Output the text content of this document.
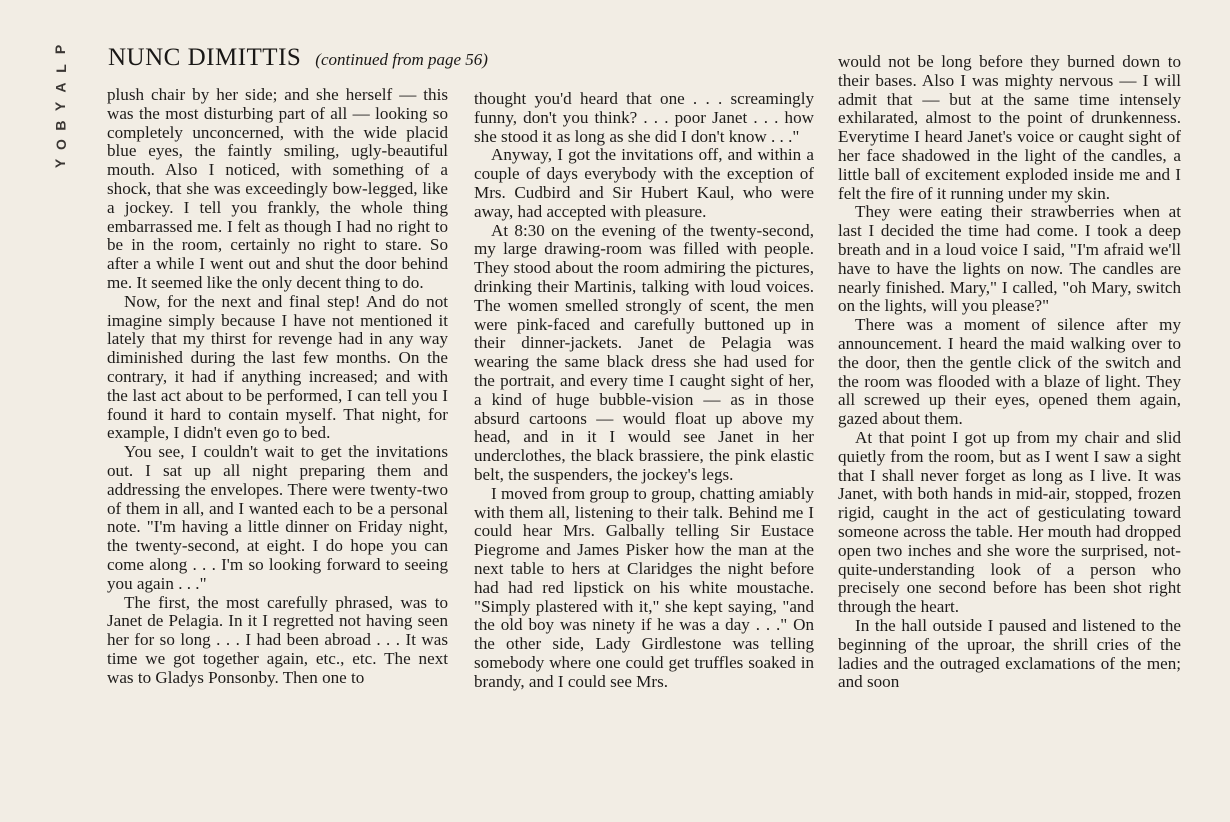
P
L
A
Y
B
O
Y
NUNC DIMITTIS (continued from page 56)

plush chair by her side; and she herself — this was the most disturbing part of all — looking so completely unconcerned, with the wide placid blue eyes, the faintly smiling, ugly-beautiful mouth. Also I noticed, with something of a shock, that she was exceedingly bow-legged, like a jockey. I tell you frankly, the whole thing embarrassed me. I felt as though I had no right to be in the room, certainly no right to stare. So after a while I went out and shut the door behind me. It seemed like the only decent thing to do.

Now, for the next and final step! And do not imagine simply because I have not mentioned it lately that my thirst for revenge had in any way diminished during the last few months. On the contrary, it had if anything increased; and with the last act about to be performed, I can tell you I found it hard to contain myself. That night, for example, I didn't even go to bed.

You see, I couldn't wait to get the invitations out. I sat up all night preparing them and addressing the envelopes. There were twenty-two of them in all, and I wanted each to be a personal note. "I'm having a little dinner on Friday night, the twenty-second, at eight. I do hope you can come along . . . I'm so looking forward to seeing you again . . ."

The first, the most carefully phrased, was to Janet de Pelagia. In it I regretted not having seen her for so long . . . I had been abroad . . . It was time we got together again, etc., etc. The next was to Gladys Ponsonby. Then one to

thought you'd heard that one . . . screamingly funny, don't you think? . . . poor Janet . . . how she stood it as long as she did I don't know . . ."

Anyway, I got the invitations off, and within a couple of days everybody with the exception of Mrs. Cudbird and Sir Hubert Kaul, who were away, had accepted with pleasure.

At 8:30 on the evening of the twenty-second, my large drawing-room was filled with people. They stood about the room admiring the pictures, drinking their Martinis, talking with loud voices. The women smelled strongly of scent, the men were pink-faced and carefully buttoned up in their dinner-jackets. Janet de Pelagia was wearing the same black dress she had used for the portrait, and every time I caught sight of her, a kind of huge bubble-vision — as in those absurd cartoons — would float up above my head, and in it I would see Janet in her underclothes, the black brassiere, the pink elastic belt, the suspenders, the jockey's legs.

I moved from group to group, chatting amiably with them all, listening to their talk. Behind me I could hear Mrs. Galbally telling Sir Eustace Piegrome and James Pisker how the man at the next table to hers at Claridges the night before had had red lipstick on his white moustache. "Simply plastered with it," she kept saying, "and the old boy was ninety if he was a day . . ." On the other side, Lady Girdlestone was telling somebody where one could get truffles soaked in brandy, and I could see Mrs.

would not be long before they burned down to their bases. Also I was mighty nervous — I will admit that — but at the same time intensely exhilarated, almost to the point of drunkenness. Everytime I heard Janet's voice or caught sight of her face shadowed in the light of the candles, a little ball of excitement exploded inside me and I felt the fire of it running under my skin.

They were eating their strawberries when at last I decided the time had come. I took a deep breath and in a loud voice I said, "I'm afraid we'll have to have the lights on now. The candles are nearly finished. Mary," I called, "oh Mary, switch on the lights, will you please?"

There was a moment of silence after my announcement. I heard the maid walking over to the door, then the gentle click of the switch and the room was flooded with a blaze of light. They all screwed up their eyes, opened them again, gazed about them.

At that point I got up from my chair and slid quietly from the room, but as I went I saw a sight that I shall never forget as long as I live. It was Janet, with both hands in mid-air, stopped, frozen rigid, caught in the act of gesticulating toward someone across the table. Her mouth had dropped open two inches and she wore the surprised, not-quite-understanding look of a person who precisely one second before has been shot right through the heart.

In the hall outside I paused and listened to the beginning of the uproar, the shrill cries of the ladies and the outraged exclamations of the men; and soon
